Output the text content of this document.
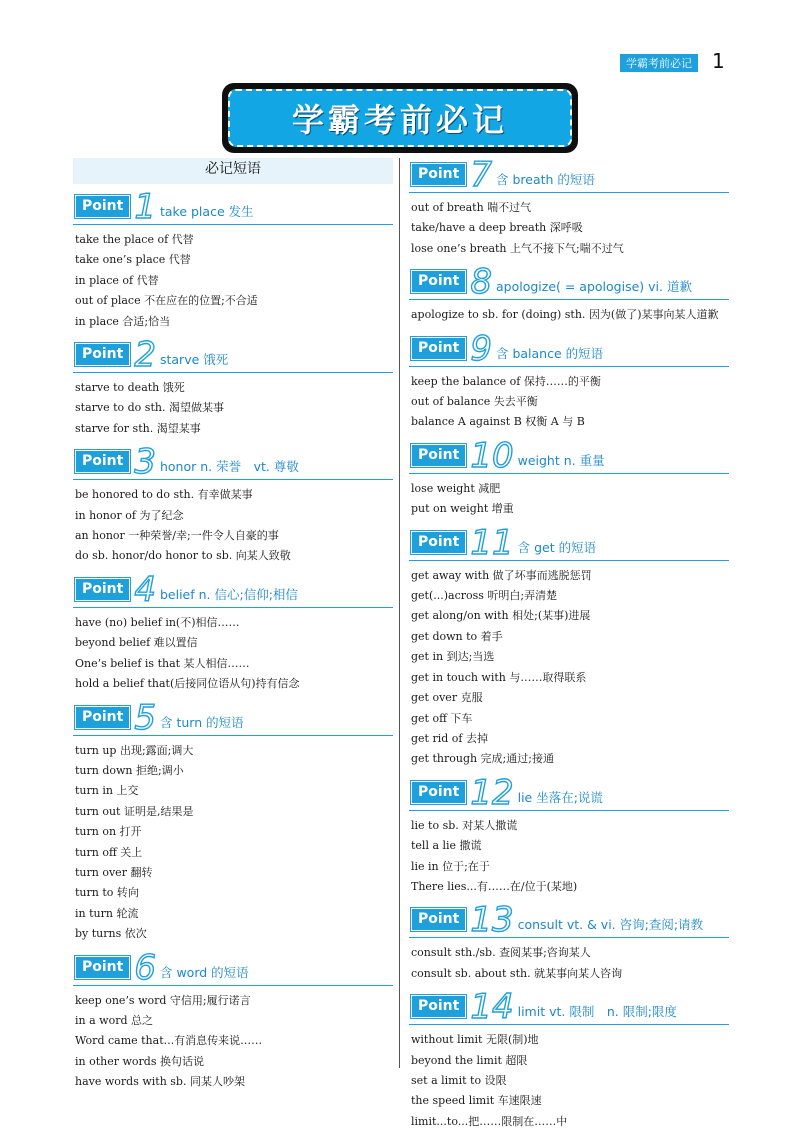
学霸考前必记	1
学霸考前必记
必记短语
Point 1 take place 发生
take the place of 代替
take one’s place 代替
in place of 代替
out of place 不在应在的位置;不合适
in place 合适;恰当
Point 2 starve 饿死
starve to death 饿死
starve to do sth. 渴望做某事
starve for sth. 渴望某事
Point 3 honor n. 荣誉　vt. 尊敬
be honored to do sth. 有幸做某事
in honor of 为了纪念
an honor 一种荣誉/幸;一件令人自豪的事
do sb. honor/do honor to sb. 向某人致敬
Point 4 belief n. 信心;信仰;相信
have (no) belief in(不)相信……
beyond belief 难以置信
One’s belief is that 某人相信……
hold a belief that(后接同位语从句)持有信念
Point 5 含 turn 的短语
turn up 出现;露面;调大
turn down 拒绝;调小
turn in 上交
turn out 证明是,结果是
turn on 打开
turn off 关上
turn over 翻转
turn to 转向
in turn 轮流
by turns 依次
Point 6 含 word 的短语
keep one’s word 守信用;履行诺言
in a word 总之
Word came that...有消息传来说……
in other words 换句话说
have words with sb. 同某人吵架
Point 7 含 breath 的短语
out of breath 喘不过气
take/have a deep breath 深呼吸
lose one’s breath 上气不接下气;喘不过气
Point 8 apologize( = apologise) vi. 道歉
apologize to sb. for (doing) sth. 因为(做了)某事向某人道歉
Point 9 含 balance 的短语
keep the balance of 保持……的平衡
out of balance 失去平衡
balance A against B 权衡 A 与 B
Point 10 weight n. 重量
lose weight 减肥
put on weight 增重
Point 11 含 get 的短语
get away with 做了坏事而逃脱惩罚
get(...)across 听明白;弄清楚
get along/on with 相处;(某事)进展
get down to 着手
get in 到达;当选
get in touch with 与……取得联系
get over 克服
get off 下车
get rid of 去掉
get through 完成;通过;接通
Point 12 lie 坐落在;说谎
lie to sb. 对某人撒谎
tell a lie 撒谎
lie in 位于;在于
There lies...有……在/位于(某地)
Point 13 consult vt. & vi. 咨询;查阅;请教
consult sth./sb. 查阅某事;咨询某人
consult sb. about sth. 就某事向某人咨询
Point 14 limit vt. 限制　n. 限制;限度
without limit 无限(制)地
beyond the limit 超限
set a limit to 设限
the speed limit 车速限速
limit...to...把……限制在……中
